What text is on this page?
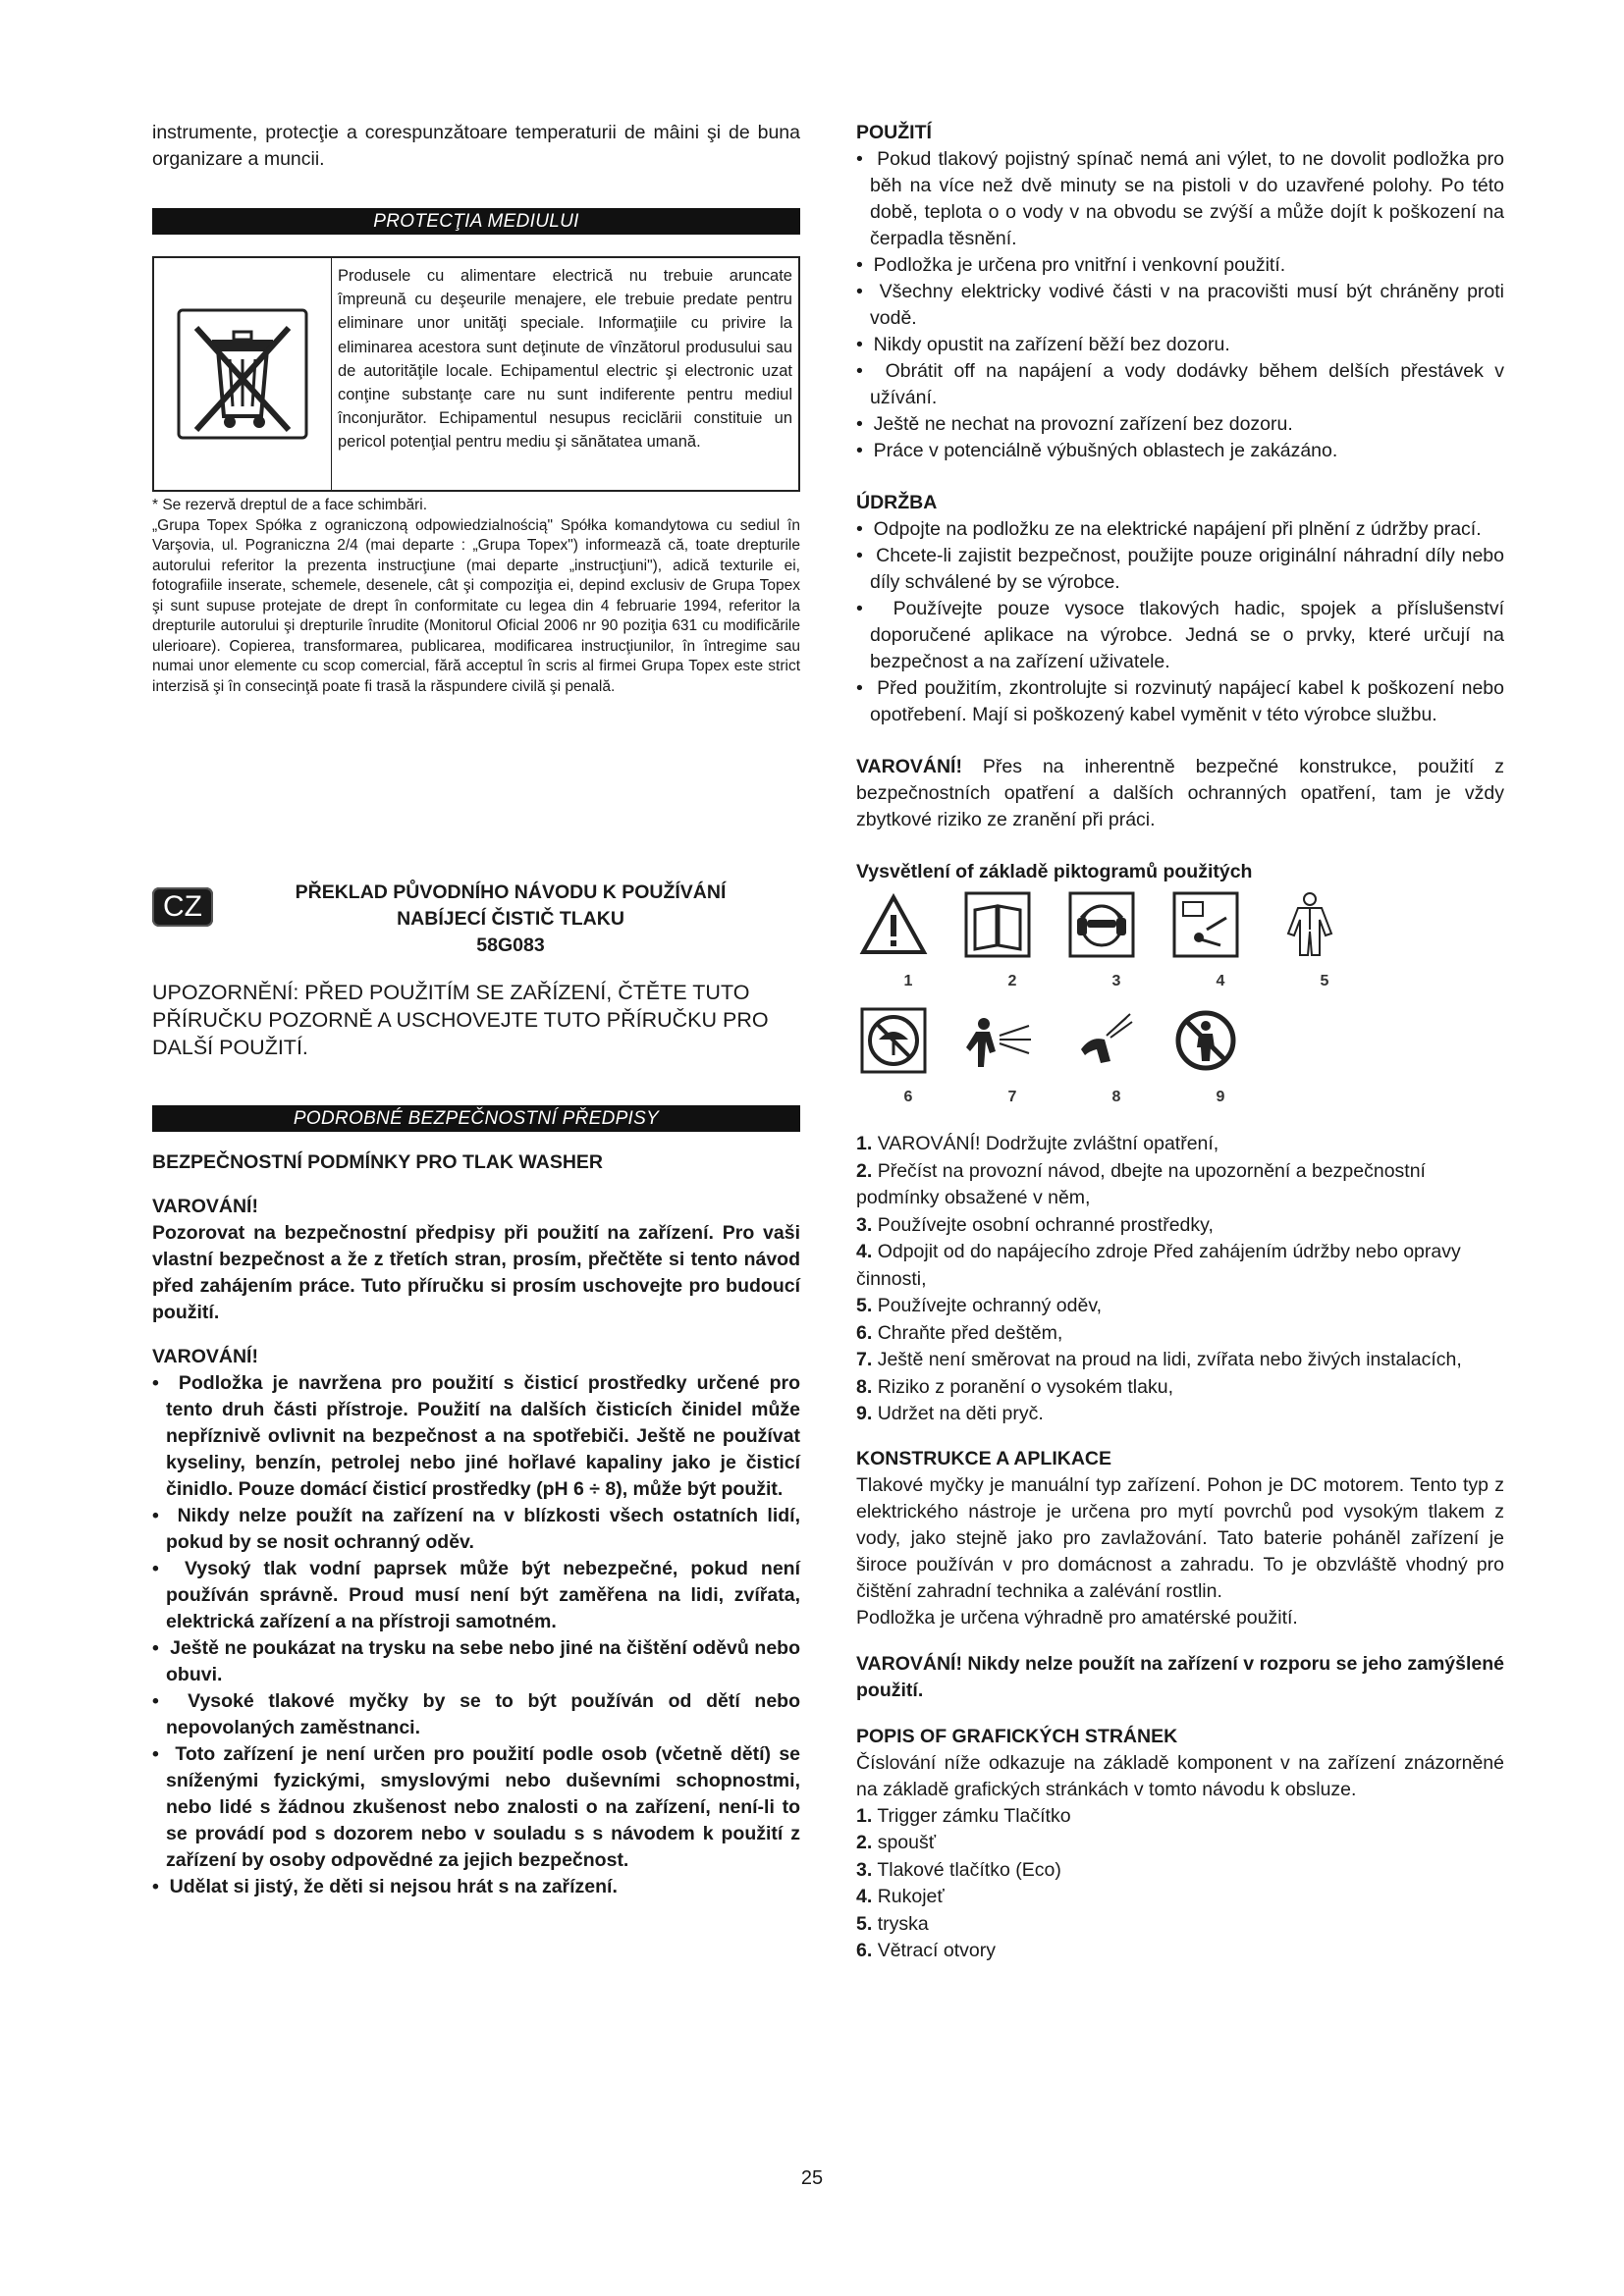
instrumente, protecţie a corespunzătoare temperaturii de mâini şi de buna organizare a muncii.

PROTECŢIA MEDIULUI
Produsele cu alimentare electrică nu trebuie aruncate împreună cu deşeurile menajere, ele trebuie predate pentru eliminare unor unităţi speciale. Informaţiile cu privire la eliminarea acestora sunt deţinute de vînzătorul produsului sau de autorităţile locale. Echipamentul electric şi electronic uzat conţine substanţe care nu sunt indiferente pentru mediul înconjurător. Echipamentul nesupus reciclării constituie un pericol potenţial pentru mediu şi sănătatea umană.

* Se rezervă dreptul de a face schimbări.

„Grupa Topex Spółka z ograniczoną odpowiedzialnością" Spółka komandytowa cu sediul în Varşovia, ul. Pograniczna 2/4 (mai departe : „Grupa Topex") informează că, toate drepturile autorului referitor la prezenta instrucţiune (mai departe „instrucţiuni"), adică texturile ei, fotografiile inserate, schemele, desenele, cât şi compoziţia ei, depind exclusiv de Grupa Topex şi sunt supuse protejate de drept în conformitate cu legea din 4 februarie 1994, referitor la drepturile autorului şi drepturile înrudite (Monitorul Oficial 2006 nr 90 poziţia 631 cu modificările ulerioare). Copierea, transformarea, publicarea, modificarea instrucţiunilor, în întregime sau numai unor elemente cu scop comercial, fără acceptul în scris al firmei Grupa Topex este strict interzisă şi în consecinţă poate fi trasă la răspundere civilă şi penală.

CZ	PŘEKLAD PŮVODNÍHO NÁVODU K POUŽÍVÁNÍ
NABÍJECÍ ČISTIČ TLAKU
58G083

UPOZORNĚNÍ: PŘED POUŽITÍM SE ZAŘÍZENÍ, ČTĚTE TUTO PŘÍRUČKU POZORNĚ A USCHOVEJTE TUTO PŘÍRUČKU PRO DALŠÍ POUŽITÍ.

PODROBNÉ BEZPEČNOSTNÍ PŘEDPISY

BEZPEČNOSTNÍ PODMÍNKY PRO TLAK WASHER

VAROVÁNÍ!

Pozorovat na bezpečnostní předpisy při použití na zařízení. Pro vaši vlastní bezpečnost a že z třetích stran, prosím, přečtěte si tento návod před zahájením práce. Tuto příručku si prosím uschovejte pro budoucí použití.

VAROVÁNÍ!

•  Podložka je navržena pro použití s čisticí prostředky určené pro tento druh části přístroje. Použití na dalších čisticích činidel může nepříznivě ovlivnit na bezpečnost a na spotřebiči. Ještě ne používat kyseliny, benzín, petrolej nebo jiné hořlavé kapaliny jako je čisticí činidlo. Pouze domácí čisticí prostředky (pH 6 ÷ 8), může být použit.
•  Nikdy nelze použít na zařízení na v blízkosti všech ostatních lidí, pokud by se nosit ochranný oděv.
•  Vysoký tlak vodní paprsek může být nebezpečné, pokud není používán správně. Proud musí není být zaměřena na lidi, zvířata, elektrická zařízení a na přístroji samotném.
•  Ještě ne poukázat na trysku na sebe nebo jiné na čištění oděvů nebo obuvi.
•  Vysoké tlakové myčky by se to být používán od dětí nebo nepovolaných zaměstnanci.
•  Toto zařízení je není určen pro použití podle osob (včetně dětí) se sníženými fyzickými, smyslovými nebo duševními schopnostmi, nebo lidé s žádnou zkušenost nebo znalosti o na zařízení, není-li to se provádí pod s dozorem nebo v souladu s s návodem k použití z zařízení by osoby odpovědné za jejich bezpečnost.
•  Udělat si jistý, že děti si nejsou hrát s na zařízení.

POUŽITÍ

•  Pokud tlakový pojistný spínač nemá ani výlet, to ne dovolit podložka pro běh na více než dvě minuty se na pistoli v do uzavřené polohy. Po této době, teplota o o vody v na obvodu se zvýší a může dojít k poškození na čerpadla těsnění.
•  Podložka je určena pro vnitřní i venkovní použití.
•  Všechny elektricky vodivé části v na pracovišti musí být chráněny proti vodě.
•  Nikdy opustit na zařízení běží bez dozoru.
•  Obrátit off na napájení a vody dodávky během delších přestávek v užívání.
•  Ještě ne nechat na provozní zařízení bez dozoru.
•  Práce v potenciálně výbušných oblastech je zakázáno.

ÚDRŽBA

•  Odpojte na podložku ze na elektrické napájení při plnění z údržby prací.
•  Chcete-li zajistit bezpečnost, použijte pouze originální náhradní díly nebo díly schválené by se výrobce.
•  Používejte pouze vysoce tlakových hadic, spojek a příslušenství doporučené aplikace na výrobce. Jedná se o prvky, které určují na bezpečnost a na zařízení uživatele.
•  Před použitím, zkontrolujte si rozvinutý napájecí kabel k poškození nebo opotřebení. Mají si poškozený kabel vyměnit v této výrobce službu.

VAROVÁNÍ! Přes na inherentně bezpečné konstrukce, použití z bezpečnostních opatření a dalších ochranných opatření, tam je vždy zbytkové riziko ze zranění při práci.

Vysvětlení of základě piktogramů použitých

1	2	3	4	5
6	7	8	9
1. VAROVÁNÍ! Dodržujte zvláštní opatření,
2. Přečíst na provozní návod, dbejte na upozornění a bezpečnostní podmínky obsažené v něm,
3. Používejte osobní ochranné prostředky,
4. Odpojit od do napájecího zdroje Před zahájením údržby nebo opravy činnosti,
5. Používejte ochranný oděv,
6. Chraňte před deštěm,
7. Ještě není směrovat na proud na lidi, zvířata nebo živých instalacích,
8. Riziko z poranění o vysokém tlaku,
9. Udržet na děti pryč.

KONSTRUKCE A APLIKACE

Tlakové myčky je manuální typ zařízení. Pohon je DC motorem. Tento typ z elektrického nástroje je určena pro mytí povrchů pod vysokým tlakem z vody, jako stejně jako pro zavlažování. Tato baterie poháněl zařízení je široce používán v pro domácnost a zahradu. To je obzvláště vhodný pro čištění zahradní technika a zalévání rostlin.

Podložka je určena výhradně pro amatérské použití.

VAROVÁNÍ! Nikdy nelze použít na zařízení v rozporu se jeho zamýšlené použití.

POPIS OF GRAFICKÝCH STRÁNEK

Číslování níže odkazuje na základě komponent v na zařízení znázorněné na základě grafických stránkách v tomto návodu k obsluze.

1. Trigger zámku Tlačítko
2. spoušť
3. Tlakové tlačítko (Eco)
4. Rukojeť
5. tryska
6. Větrací otvory
25
